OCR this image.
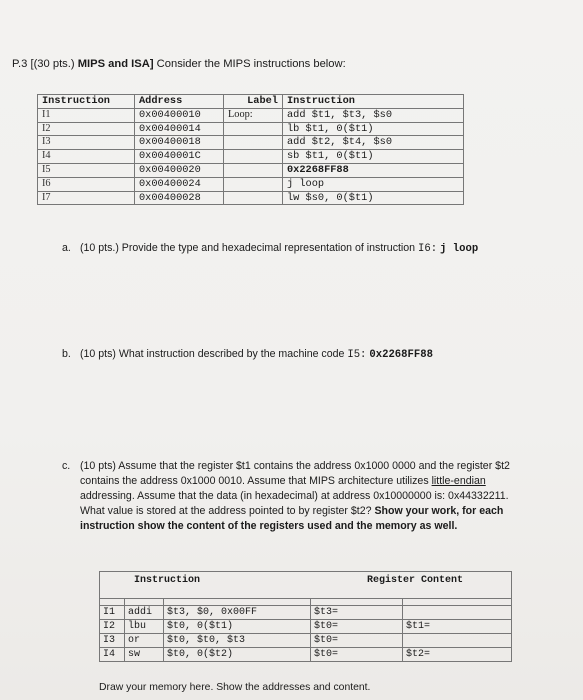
P.3 [(30 pts.) MIPS and ISA] Consider the MIPS instructions below:
Instruction	Address	Label	Instruction
I1	0x00400010	Loop:	add $t1, $t3, $s0
I2	0x00400014		lb $t1, 0($t1)
I3	0x00400018		add $t2, $t4, $s0
I4	0x0040001C		sb $t1, 0($t1)
I5	0x00400020		0x2268FF88
I6	0x00400024		j loop
I7	0x00400028		lw $s0, 0($t1)
a. (10 pts.) Provide the type and hexadecimal representation of instruction I6: j loop
b. (10 pts) What instruction described by the machine code I5: 0x2268FF88
c. (10 pts) Assume that the register $t1 contains the address 0x1000 0000 and the register $t2
contains the address 0x1000 0010. Assume that MIPS architecture utilizes little-endian
addressing. Assume that the data (in hexadecimal) at address 0x10000000 is: 0x44332211.
What value is stored at the address pointed to by register $t2? Show your work, for each
instruction show the content of the registers used and the memory as well.
Instruction			Register Content	

I1	addi	$t3, $0, 0x00FF	$t3=	
I2	lbu	$t0, 0($t1)	$t0=	$t1=
I3	or	$t0, $t0, $t3	$t0=	
I4	sw	$t0, 0($t2)	$t0=	$t2=
Draw your memory here. Show the addresses and content.
